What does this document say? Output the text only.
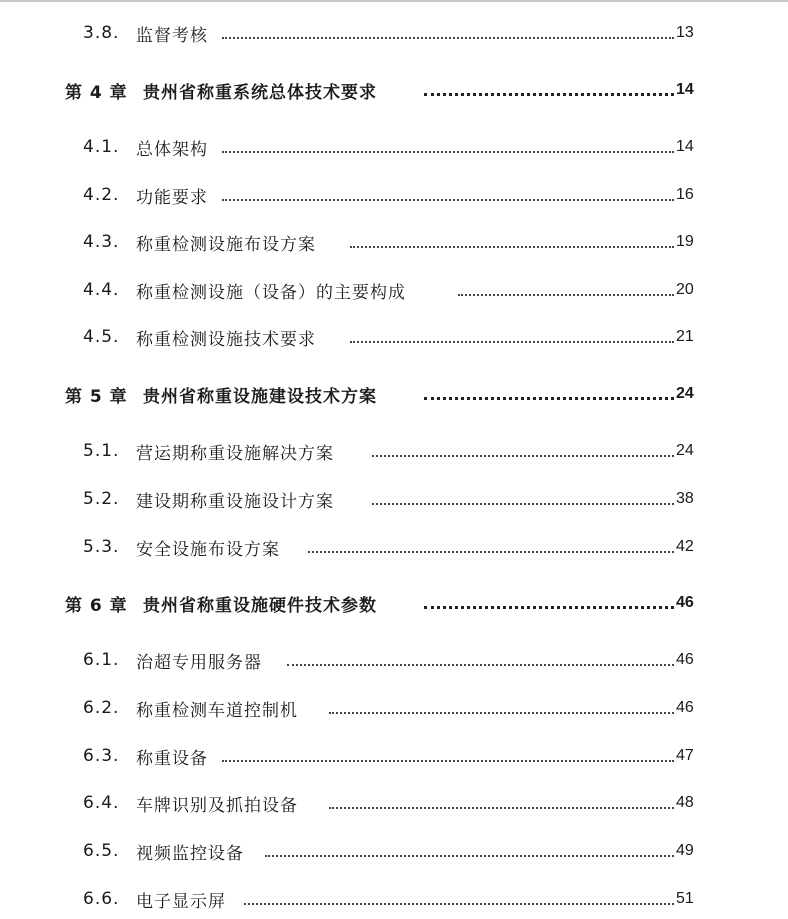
3.8. 监督考核	13
第 4 章 贵州省称重系统总体技术要求	14
4.1. 总体架构	14
4.2. 功能要求	16
4.3. 称重检测设施布设方案	19
4.4. 称重检测设施（设备）的主要构成	20
4.5. 称重检测设施技术要求	21
第 5 章 贵州省称重设施建设技术方案	24
5.1. 营运期称重设施解决方案	24
5.2. 建设期称重设施设计方案	38
5.3. 安全设施布设方案	42
第 6 章 贵州省称重设施硬件技术参数	46
6.1. 治超专用服务器	46
6.2. 称重检测车道控制机	46
6.3. 称重设备	47
6.4. 车牌识别及抓拍设备	48
6.5. 视频监控设备	49
6.6. 电子显示屏	51
